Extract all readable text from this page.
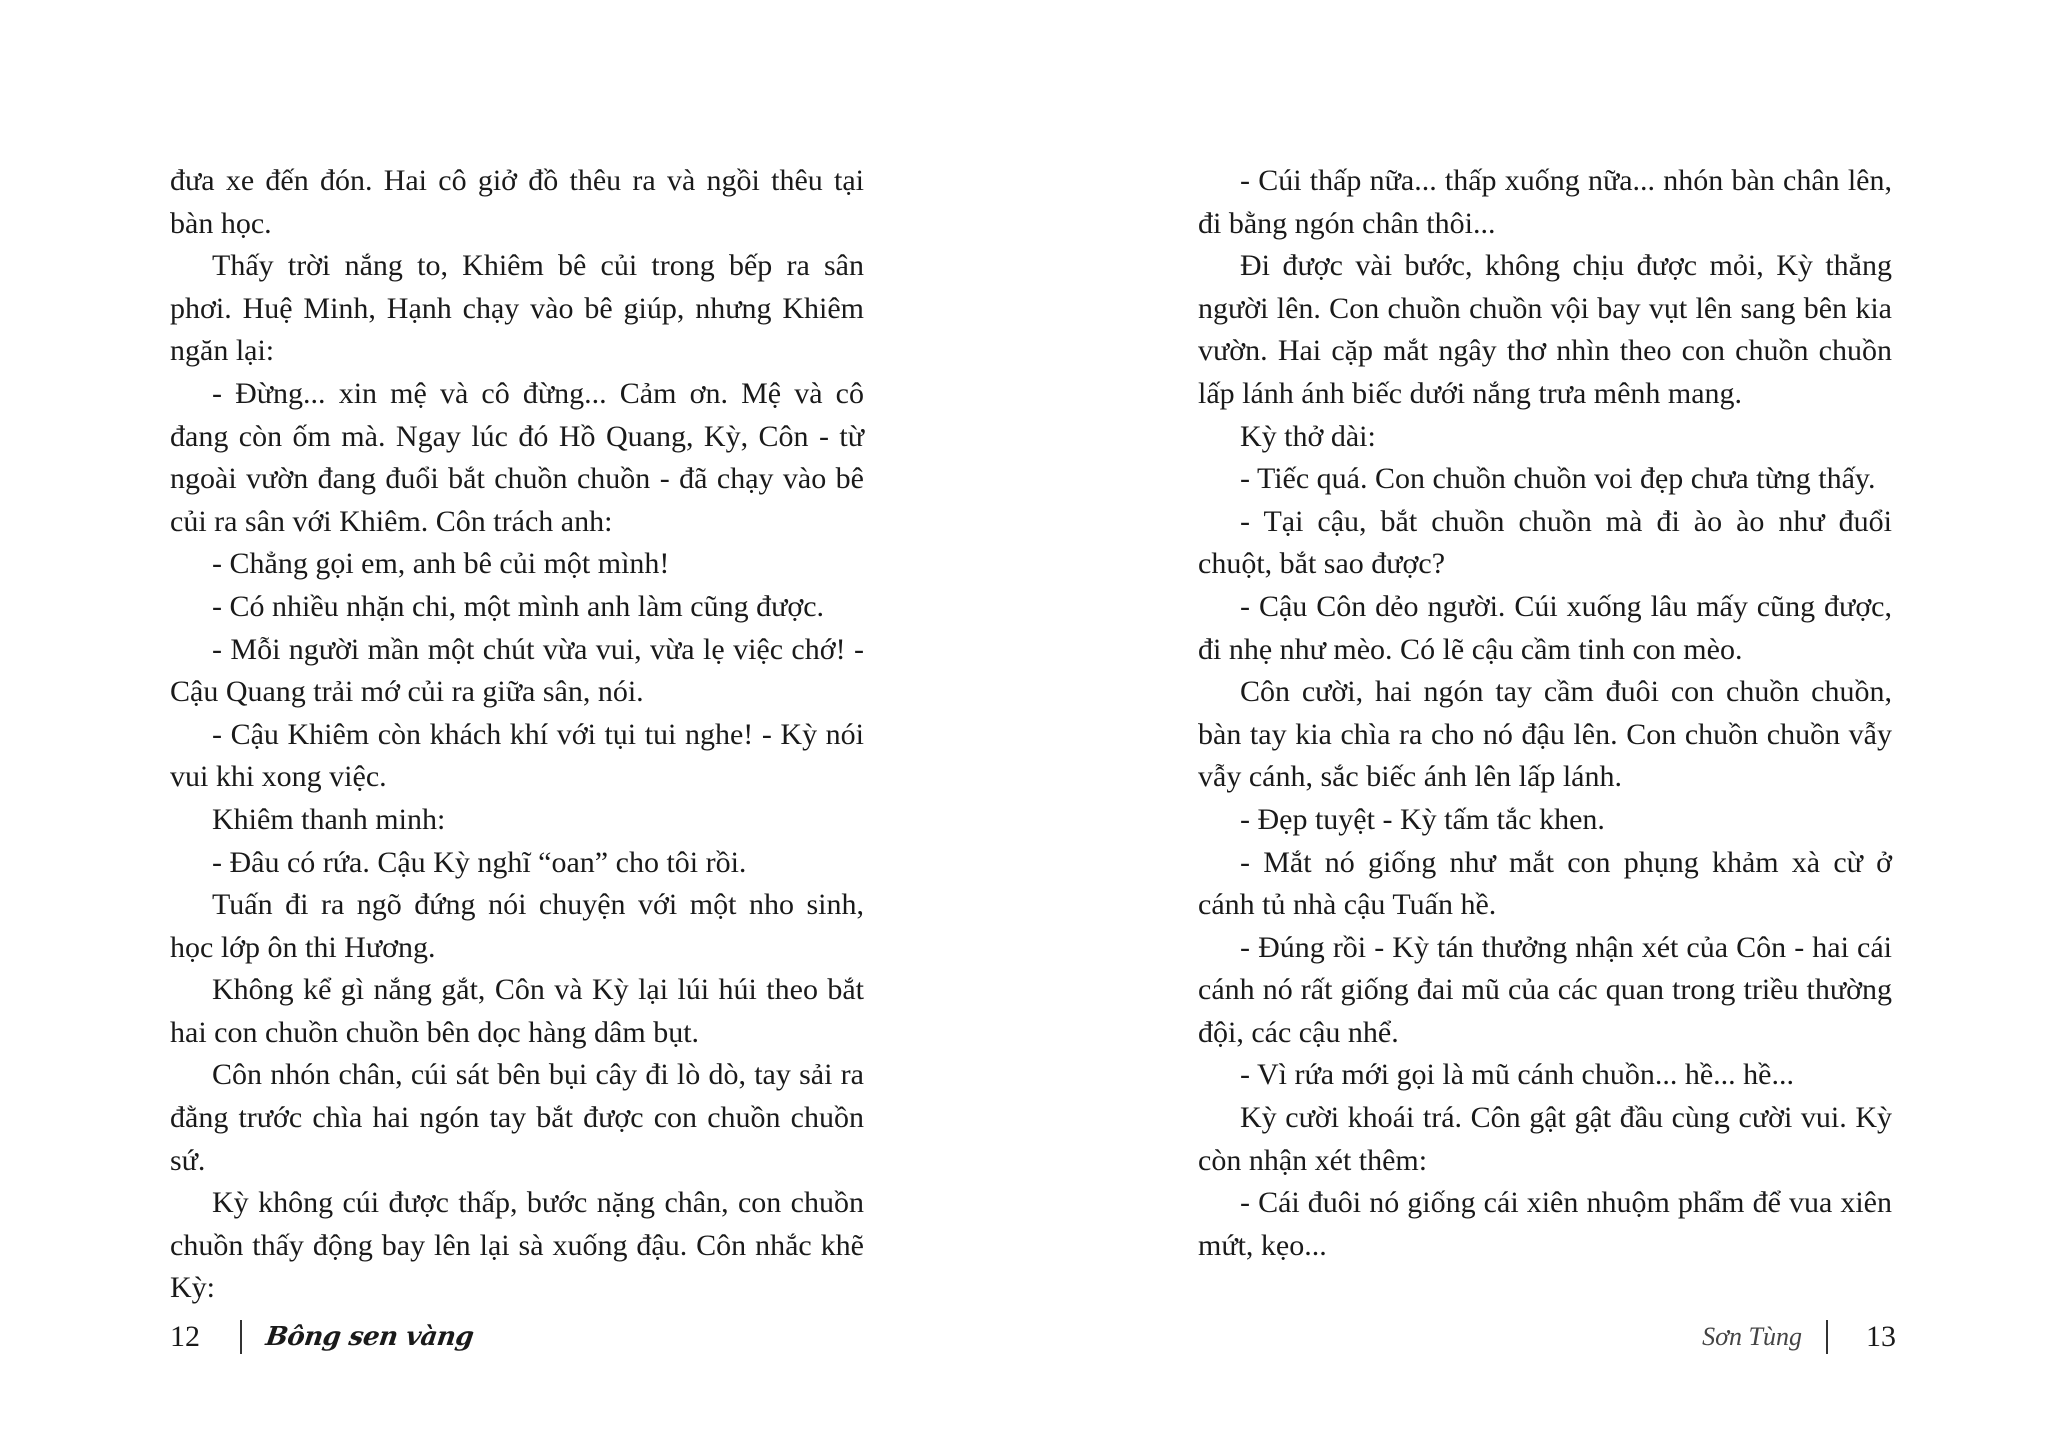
đưa xe đến đón. Hai cô giở đồ thêu ra và ngồi thêu tại bàn học.

Thấy trời nắng to, Khiêm bê củi trong bếp ra sân phơi. Huệ Minh, Hạnh chạy vào bê giúp, nhưng Khiêm ngăn lại:

- Đừng... xin mệ và cô đừng... Cảm ơn. Mệ và cô đang còn ốm mà. Ngay lúc đó Hồ Quang, Kỳ, Côn - từ ngoài vườn đang đuổi bắt chuồn chuồn - đã chạy vào bê củi ra sân với Khiêm. Côn trách anh:

- Chẳng gọi em, anh bê củi một mình!

- Có nhiều nhặn chi, một mình anh làm cũng được.

- Mỗi người mần một chút vừa vui, vừa lẹ việc chớ! - Cậu Quang trải mớ củi ra giữa sân, nói.

- Cậu Khiêm còn khách khí với tụi tui nghe! - Kỳ nói vui khi xong việc.

Khiêm thanh minh:

- Đâu có rứa. Cậu Kỳ nghĩ “oan” cho tôi rồi.

Tuấn đi ra ngõ đứng nói chuyện với một nho sinh, học lớp ôn thi Hương.

Không kể gì nắng gắt, Côn và Kỳ lại lúi húi theo bắt hai con chuồn chuồn bên dọc hàng dâm bụt.

Côn nhón chân, cúi sát bên bụi cây đi lò dò, tay sải ra đằng trước chìa hai ngón tay bắt được con chuồn chuồn sứ.

Kỳ không cúi được thấp, bước nặng chân, con chuồn chuồn thấy động bay lên lại sà xuống đậu. Côn nhắc khẽ Kỳ:

- Cúi thấp nữa... thấp xuống nữa... nhón bàn chân lên, đi bằng ngón chân thôi...

Đi được vài bước, không chịu được mỏi, Kỳ thẳng người lên. Con chuồn chuồn vội bay vụt lên sang bên kia vườn. Hai cặp mắt ngây thơ nhìn theo con chuồn chuồn lấp lánh ánh biếc dưới nắng trưa mênh mang.

Kỳ thở dài:

- Tiếc quá. Con chuồn chuồn voi đẹp chưa từng thấy.

- Tại cậu, bắt chuồn chuồn mà đi ào ào như đuổi chuột, bắt sao được?

- Cậu Côn dẻo người. Cúi xuống lâu mấy cũng được, đi nhẹ như mèo. Có lẽ cậu cầm tinh con mèo.

Côn cười, hai ngón tay cầm đuôi con chuồn chuồn, bàn tay kia chìa ra cho nó đậu lên. Con chuồn chuồn vẫy vẫy cánh, sắc biếc ánh lên lấp lánh.

- Đẹp tuyệt - Kỳ tấm tắc khen.

- Mắt nó giống như mắt con phụng khảm xà cừ ở cánh tủ nhà cậu Tuấn hề.

- Đúng rồi - Kỳ tán thưởng nhận xét của Côn - hai cái cánh nó rất giống đai mũ của các quan trong triều thường đội, các cậu nhể.

- Vì rứa mới gọi là mũ cánh chuồn... hề... hề...

Kỳ cười khoái trá. Côn gật gật đầu cùng cười vui. Kỳ còn nhận xét thêm:

- Cái đuôi nó giống cái xiên nhuộm phẩm để vua xiên mứt, kẹo...

12 Bông sen vàng	Sơn Tùng 13
